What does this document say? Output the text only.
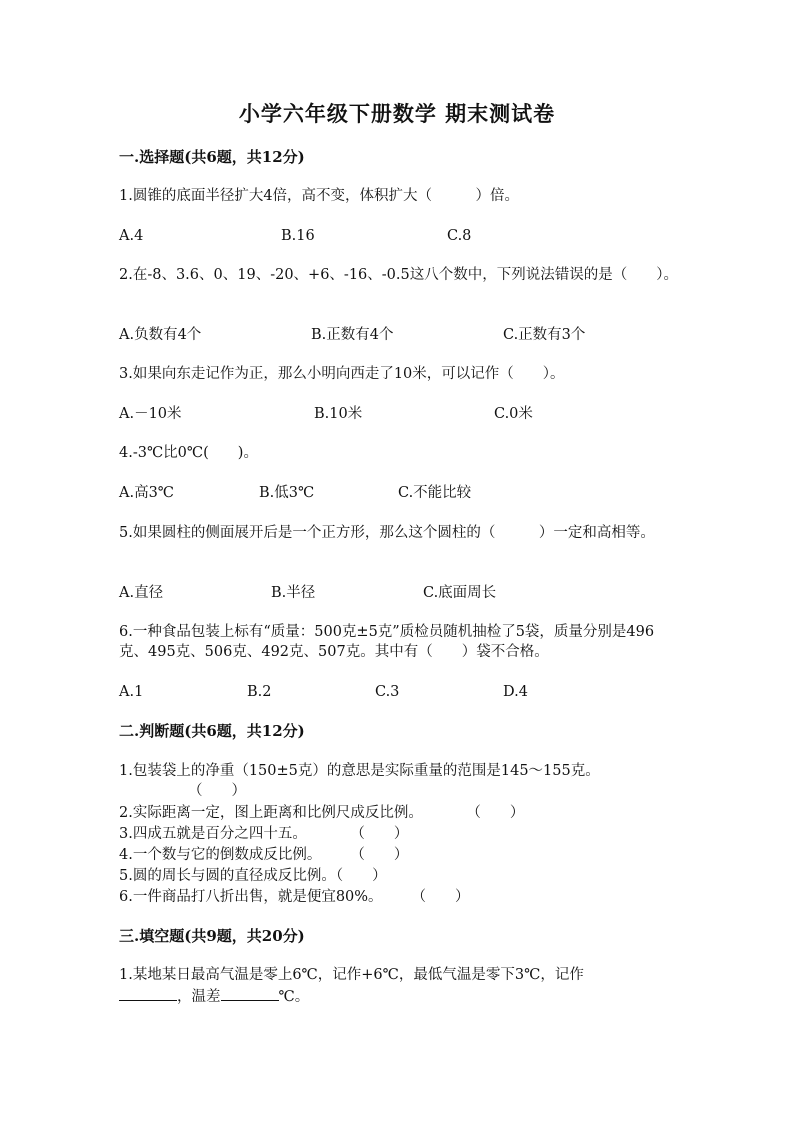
小学六年级下册数学 期末测试卷
一.选择题(共6题，共12分)
1.圆锥的底面半径扩大4倍，高不变，体积扩大（　　　）倍。
A.4	B.16	C.8
2.在-8、3.6、0、19、-20、+6、-16、-0.5这八个数中，下列说法错误的是（　　）。
A.负数有4个	B.正数有4个	C.正数有3个
3.如果向东走记作为正，那么小明向西走了10米，可以记作（　　）。
A.－10米	B.10米	C.0米
4.-3℃比0℃(　　)。
A.高3℃	B.低3℃	C.不能比较
5.如果圆柱的侧面展开后是一个正方形，那么这个圆柱的（　　　）一定和高相等。
A.直径	B.半径	C.底面周长
6.一种食品包装上标有“质量：500克±5克”质检员随机抽检了5袋，质量分别是496克、495克、506克、492克、507克。其中有（　　）袋不合格。
A.1	B.2	C.3	D.4
二.判断题(共6题，共12分)
1.包装袋上的净重（150±5克）的意思是实际重量的范围是145～155克。
（　　）
2.实际距离一定，图上距离和比例尺成反比例。　　　　（　　）
3.四成五就是百分之四十五。　　　　（　　）
4.一个数与它的倒数成反比例。　　　（　　）
5.圆的周长与圆的直径成反比例。（　　）
6.一件商品打八折出售，就是便宜80%。　　　（　　）
三.填空题(共9题，共20分)
1.某地某日最高气温是零上6℃，记作+6℃，最低气温是零下3℃，记作
，温差	℃。
